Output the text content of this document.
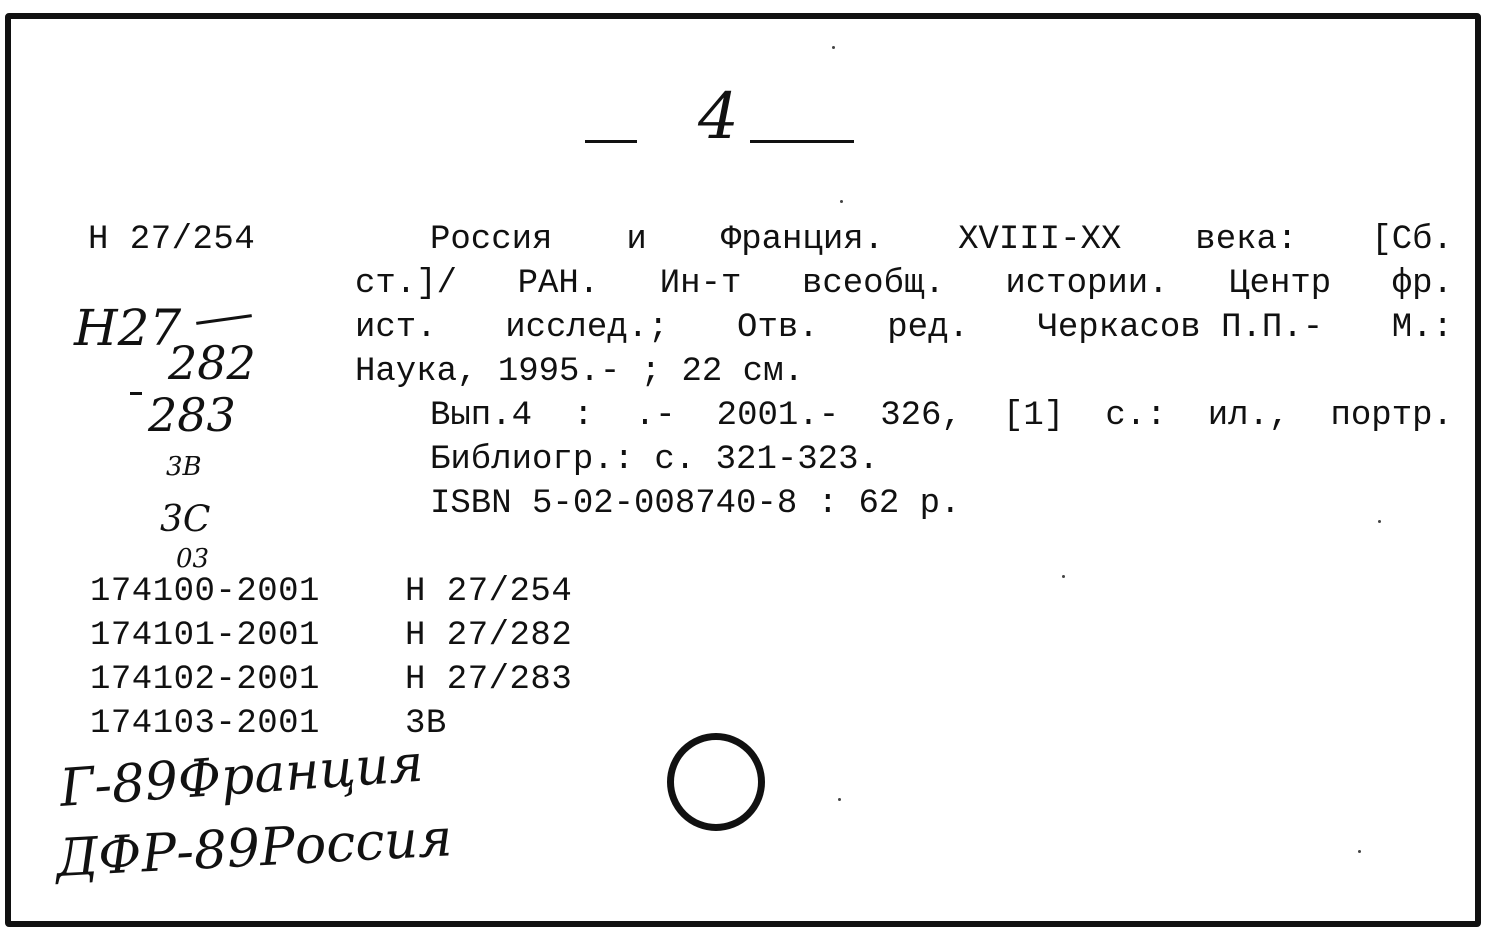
4
Н 27/254
Н27
282
283
3В
3С
03
Россия и Франция. XVIII-XX века: [Сб.
ст.]/ РАН. Ин-т всеобщ. истории. Центр фр.
ист. исслед.; Отв. ред. Черкасов П.П.- М.:
Наука, 1995.- ; 22 см.
Вып.4 : .- 2001.- 326, [1] с.: ил., портр.
Библиогр.: с. 321-323.
ISBN 5-02-008740-8 : 62 р.
174100-2001	Н 27/254
174101-2001	Н 27/282
174102-2001	Н 27/283
174103-2001	3В
Г-89Франция
ДФР-89Россия
